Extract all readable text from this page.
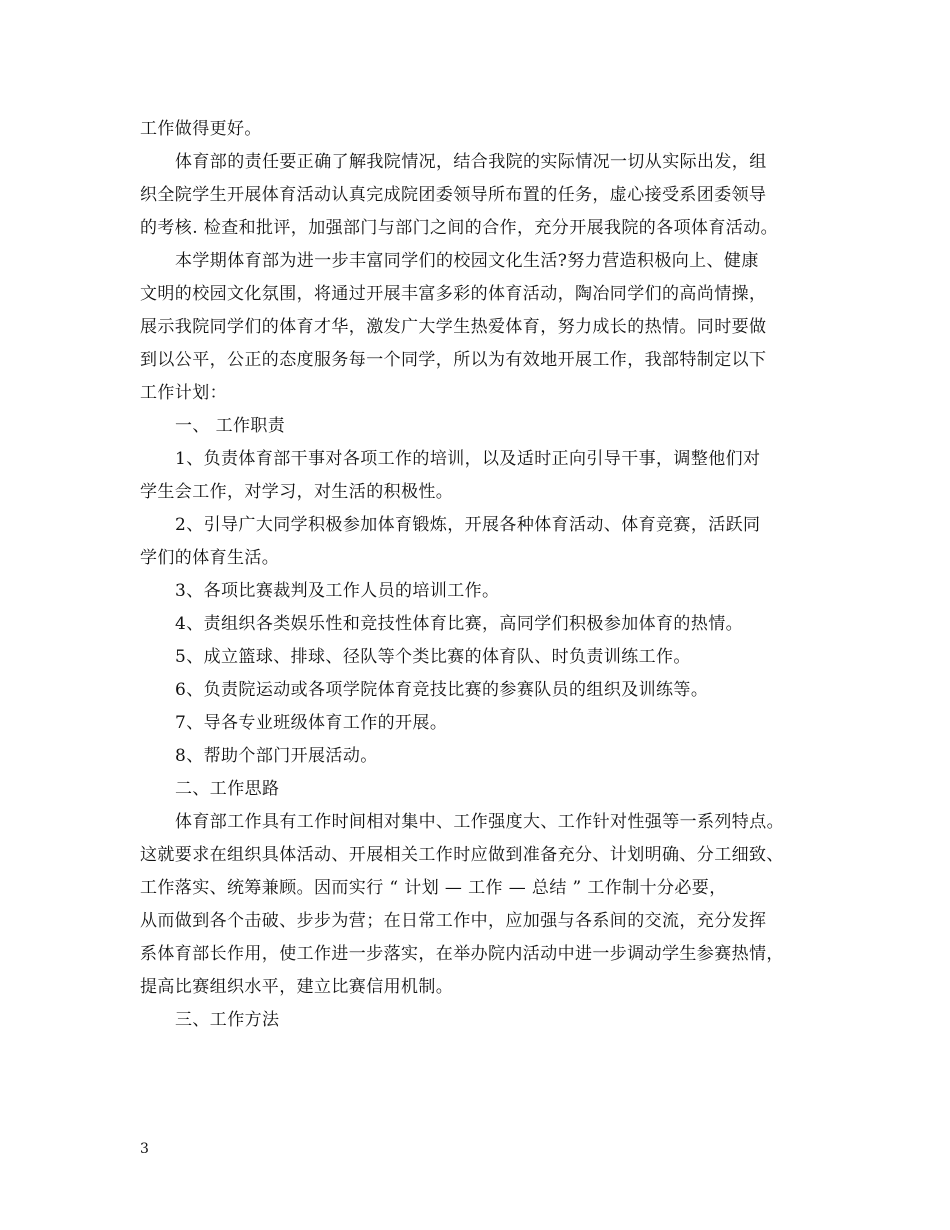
工作做得更好。
体育部的责任要正确了解我院情况，结合我院的实际情况一切从实际出发，组
织全院学生开展体育活动认真完成院团委领导所布置的任务，虚心接受系团委领导
的考核. 检查和批评，加强部门与部门之间的合作，充分开展我院的各项体育活动。
本学期体育部为进一步丰富同学们的校园文化生活?努力营造积极向上、健康
文明的校园文化氛围，将通过开展丰富多彩的体育活动，陶冶同学们的高尚情操，
展示我院同学们的体育才华，激发广大学生热爱体育，努力成长的热情。同时要做
到以公平，公正的态度服务每一个同学，所以为有效地开展工作，我部特制定以下
工作计划：
一、 工作职责
1、负责体育部干事对各项工作的培训，以及适时正向引导干事，调整他们对
学生会工作，对学习，对生活的积极性。
2、引导广大同学积极参加体育锻炼，开展各种体育活动、体育竞赛，活跃同
学们的体育生活。
3、各项比赛裁判及工作人员的培训工作。
4、责组织各类娱乐性和竞技性体育比赛，高同学们积极参加体育的热情。
5、成立篮球、排球、径队等个类比赛的体育队、时负责训练工作。
6、负责院运动或各项学院体育竞技比赛的参赛队员的组织及训练等。
7、导各专业班级体育工作的开展。
8、帮助个部门开展活动。
二、工作思路
体育部工作具有工作时间相对集中、工作强度大、工作针对性强等一系列特点。
这就要求在组织具体活动、开展相关工作时应做到准备充分、计划明确、分工细致、
工作落实、统筹兼顾。因而实行 “ 计划 — 工作 — 总结 ” 工作制十分必要，
从而做到各个击破、步步为营；在日常工作中，应加强与各系间的交流，充分发挥
系体育部长作用，使工作进一步落实，在举办院内活动中进一步调动学生参赛热情，
提高比赛组织水平，建立比赛信用机制。
三、工作方法
3
